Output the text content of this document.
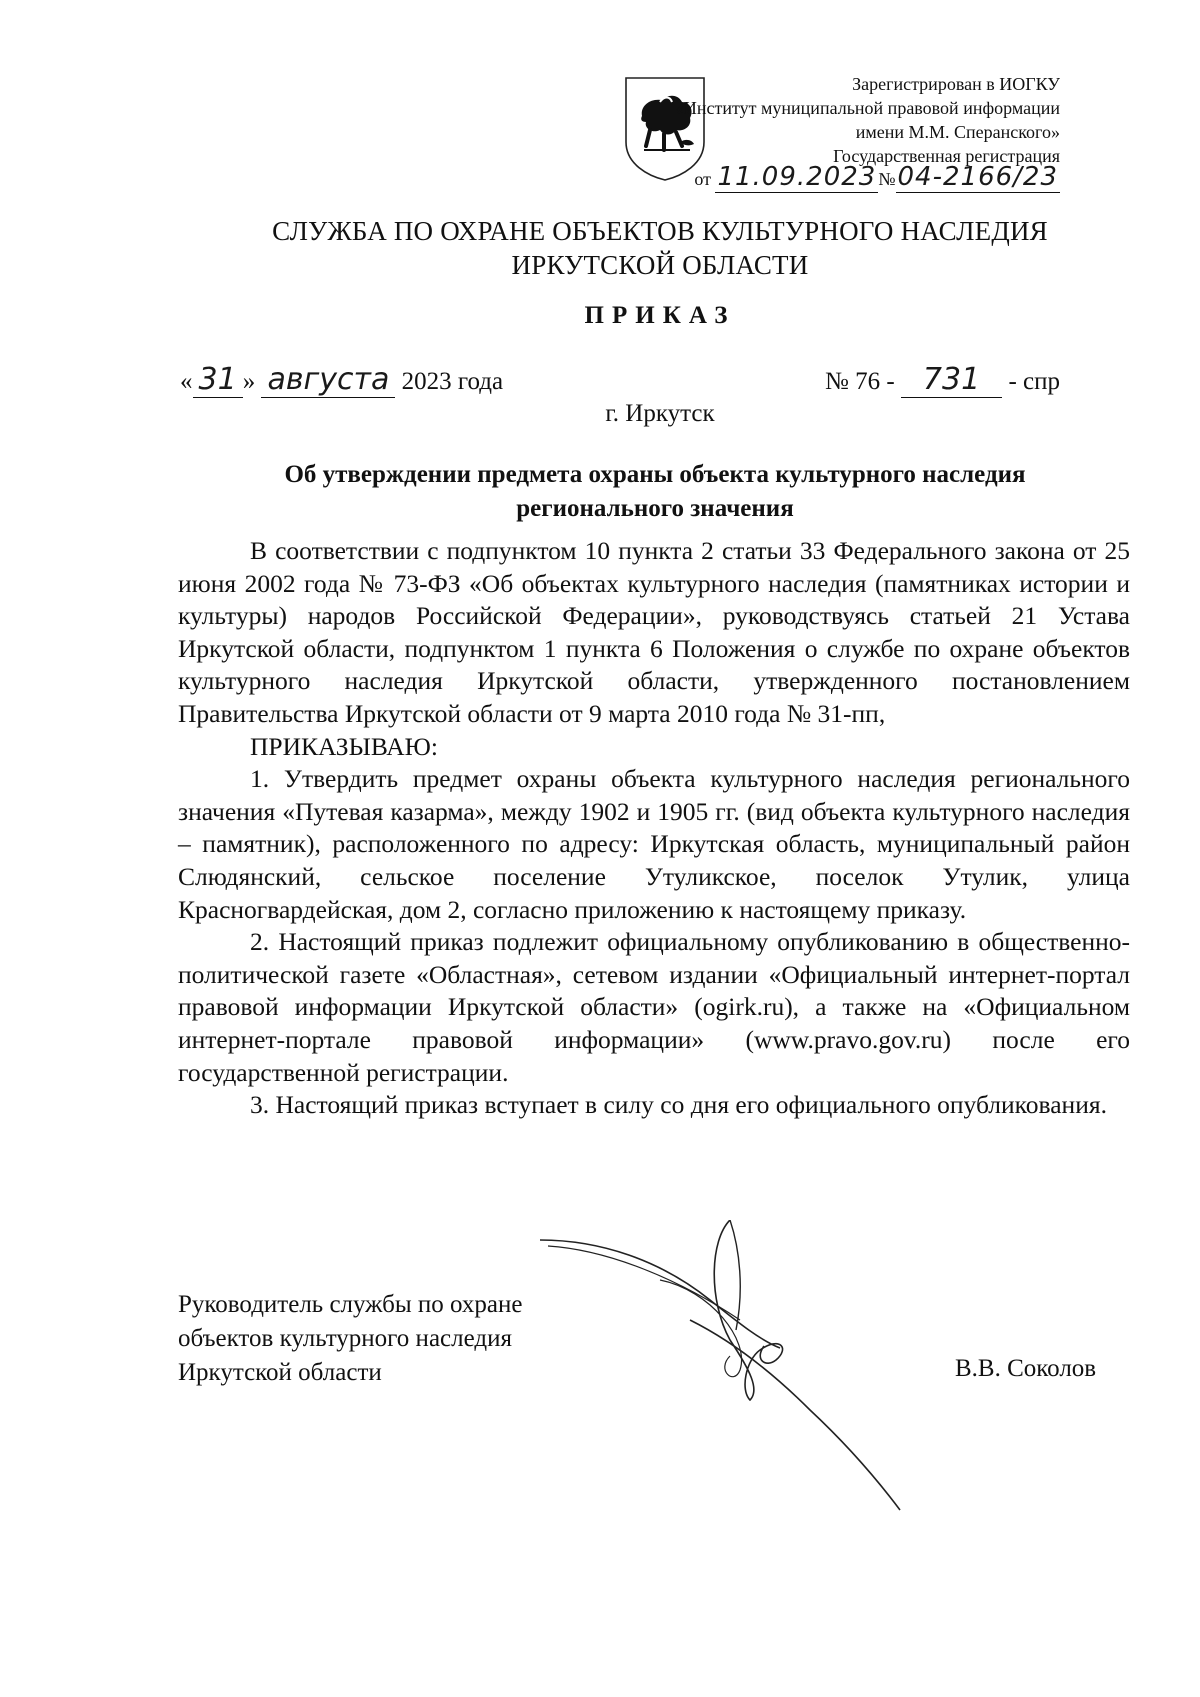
Зарегистрирован в ИОГКУ
«Институт муниципальной правовой информации
имени М.М. Сперанского»
Государственная регистрация
от 11.09.2023 №04-2166/23
СЛУЖБА ПО ОХРАНЕ ОБЪЕКТОВ КУЛЬТУРНОГО НАСЛЕДИЯ
ИРКУТСКОЙ ОБЛАСТИ
ПРИКАЗ
« 31 » августа 2023 года	№ 76 - 731 - спр
г. Иркутск
Об утверждении предмета охраны объекта культурного наследия
регионального значения

В соответствии с подпунктом 10 пункта 2 статьи 33 Федерального закона от 25 июня 2002 года № 73-ФЗ «Об объектах культурного наследия (памятниках истории и культуры) народов Российской Федерации», руководствуясь статьей 21 Устава Иркутской области, подпунктом 1 пункта 6 Положения о службе по охране объектов культурного наследия Иркутской области, утвержденного постановлением Правительства Иркутской области от 9 марта 2010 года № 31-пп,

ПРИКАЗЫВАЮ:

1. Утвердить предмет охраны объекта культурного наследия регионального значения «Путевая казарма», между 1902 и 1905 гг. (вид объекта культурного наследия – памятник), расположенного по адресу: Иркутская область, муниципальный район Слюдянский, сельское поселение Утуликское, поселок Утулик, улица Красногвардейская, дом 2, согласно приложению к настоящему приказу.

2. Настоящий приказ подлежит официальному опубликованию в общественно-политической газете «Областная», сетевом издании «Официальный интернет-портал правовой информации Иркутской области» (ogirk.ru), а также на «Официальном интернет-портале правовой информации» (www.pravo.gov.ru) после его государственной регистрации.

3. Настоящий приказ вступает в силу со дня его официального опубликования.

Руководитель службы по охране
объектов культурного наследия
Иркутской области	В.В. Соколов
